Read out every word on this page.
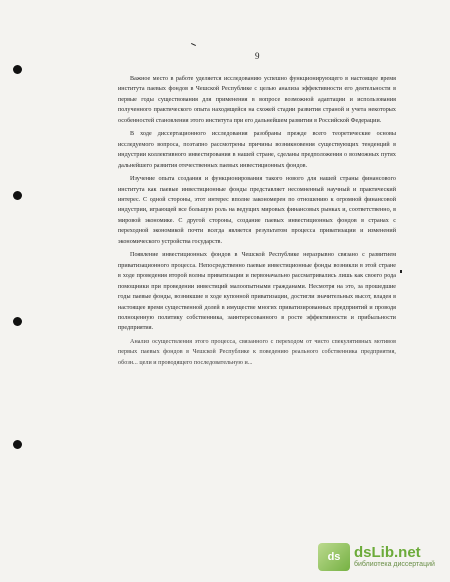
9

Важное место в работе уделяется исследованию успешно функционирующего в настоящее время института паевых фондов в Чешской Республике с целью анализа эффективности его деятельности в первые годы существования для применения в вопросе возможной адаптации и использования полученного практического опыта находящейся на схожей стадии развития страной и учета некоторых особенностей становления этого института при его дальнейшем развитии в Российской Федерации.

В ходе диссертационного исследования разобраны прежде всего теоретические основы исследуемого вопроса, поэтапно рассмотрены причины возникновения существующих тенденций в индустрии коллективного инвестирования в нашей стране, сделаны предположения о возможных путях дальнейшего развития отечественных паевых инвестиционных фондов.

Изучение опыта создания и функционирования такого нового для нашей страны финансового института как паевые инвестиционные фонды представляет несомненный научный и практический интерес. С одной стороны, этот интерес вполне закономерен по отношению к огромной финансовой индустрии, играющей все большую роль на ведущих мировых финансовых рынках и, соответственно, в мировой экономике. С другой стороны, создание паевых инвестиционных фондов в странах с переходной экономикой почти всегда является результатом процесса приватизации и изменений экономического устройства государств.

Появление инвестиционных фондов в Чешской Республике неразрывно связано с развитием приватизационного процесса. Непосредственно паевые инвестиционные фонды возникли в этой стране в ходе проведения второй волны приватизации и первоначально рассматривались лишь как своего рода помощники при проведении инвестиций малоопытными гражданами. Несмотря на это, за прошедшие годы паевые фонды, возникшие в ходе купонной приватизации, достигли значительных высот, владея в настоящее время существенной долей в имуществе многих приватизированных предприятий и проводя полноценную политику собственника, заинтересованного в росте эффективности и прибыльности предприятия.

Анализ осуществления этого процесса, связанного с переходом от чисто спекулятивных мотивов первых паевых фондов в Чешской Республике к поведению реального собственника предприятия, обозн... цели и проводящего последовательную и...

ds dsLib.net
библиотека диссертаций
